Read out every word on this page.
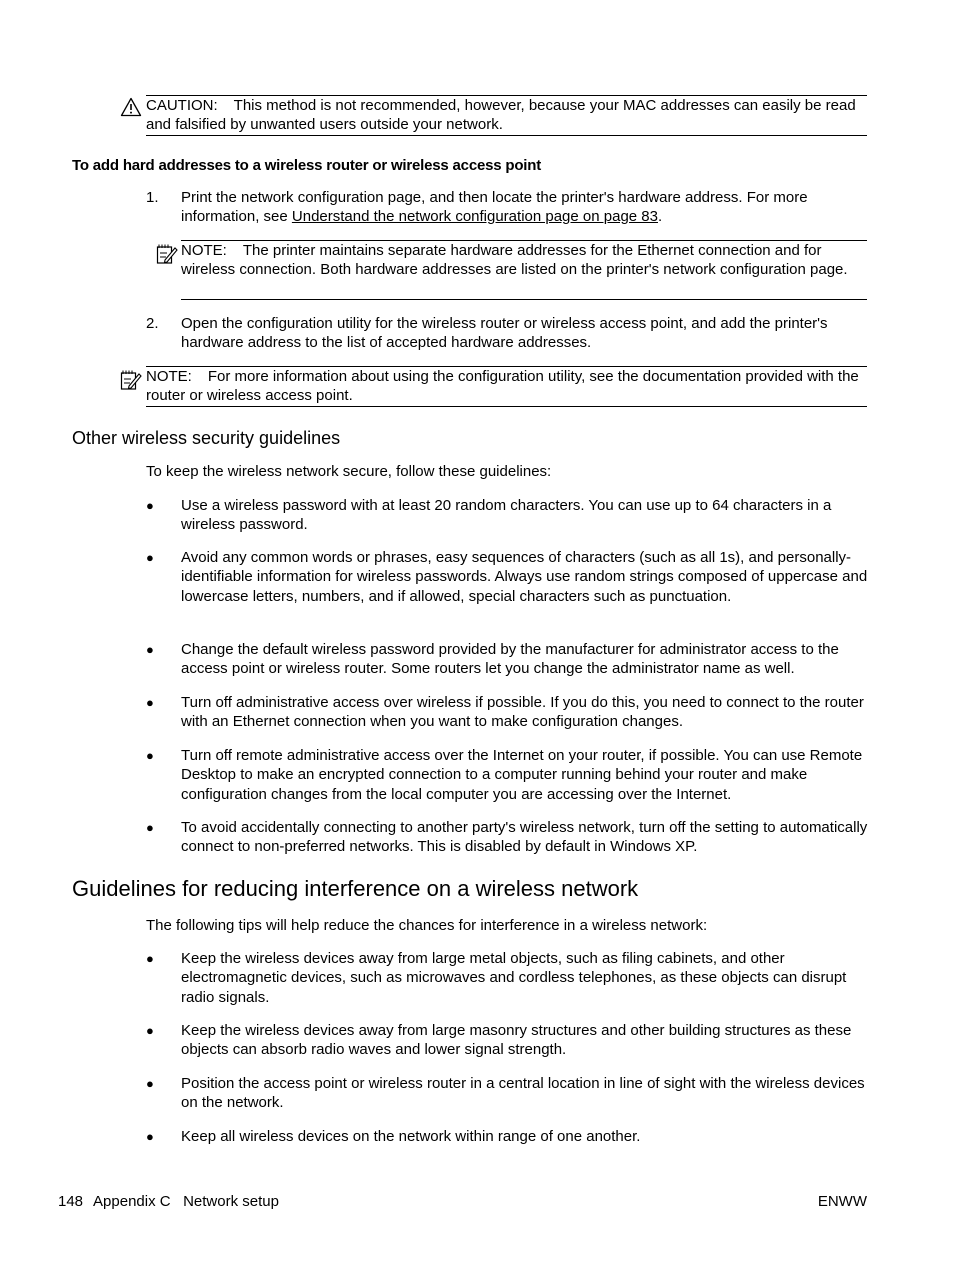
CAUTION: This method is not recommended, however, because your MAC addresses can easily be read and falsified by unwanted users outside your network.

To add hard addresses to a wireless router or wireless access point
1. Print the network configuration page, and then locate the printer's hardware address. For more information, see Understand the network configuration page on page 83.

NOTE: The printer maintains separate hardware addresses for the Ethernet connection and for wireless connection. Both hardware addresses are listed on the printer's network configuration page.

2. Open the configuration utility for the wireless router or wireless access point, and add the printer's hardware address to the list of accepted hardware addresses.

NOTE: For more information about using the configuration utility, see the documentation provided with the router or wireless access point.

Other wireless security guidelines

To keep the wireless network secure, follow these guidelines:

● Use a wireless password with at least 20 random characters. You can use up to 64 characters in a wireless password.

● Avoid any common words or phrases, easy sequences of characters (such as all 1s), and personally-identifiable information for wireless passwords. Always use random strings composed of uppercase and lowercase letters, numbers, and if allowed, special characters such as punctuation.

● Change the default wireless password provided by the manufacturer for administrator access to the access point or wireless router. Some routers let you change the administrator name as well.

● Turn off administrative access over wireless if possible. If you do this, you need to connect to the router with an Ethernet connection when you want to make configuration changes.

● Turn off remote administrative access over the Internet on your router, if possible. You can use Remote Desktop to make an encrypted connection to a computer running behind your router and make configuration changes from the local computer you are accessing over the Internet.

● To avoid accidentally connecting to another party's wireless network, turn off the setting to automatically connect to non-preferred networks. This is disabled by default in Windows XP.

Guidelines for reducing interference on a wireless network

The following tips will help reduce the chances for interference in a wireless network:

● Keep the wireless devices away from large metal objects, such as filing cabinets, and other electromagnetic devices, such as microwaves and cordless telephones, as these objects can disrupt radio signals.

● Keep the wireless devices away from large masonry structures and other building structures as these objects can absorb radio waves and lower signal strength.

● Position the access point or wireless router in a central location in line of sight with the wireless devices on the network.

● Keep all wireless devices on the network within range of one another.

148 Appendix C   Network setup	ENWW
